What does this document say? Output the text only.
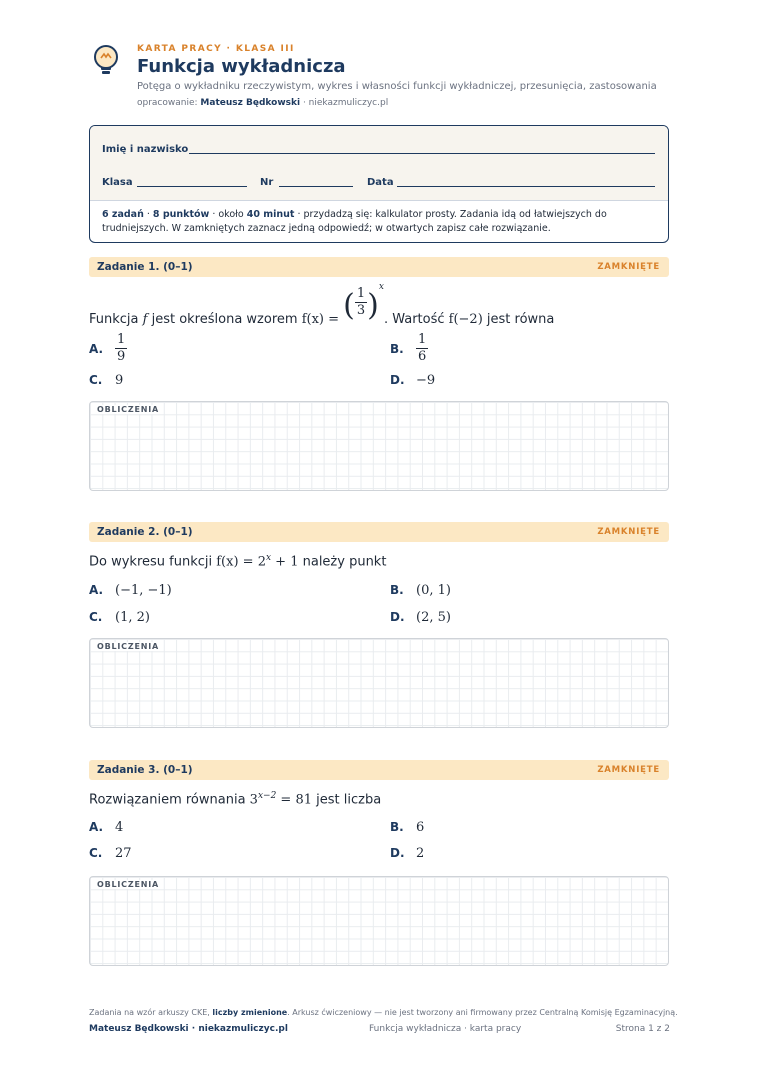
KARTA PRACY · KLASA III
Funkcja wykładnicza
Potęga o wykładniku rzeczywistym, wykres i własności funkcji wykładniczej, przesunięcia, zastosowania
opracowanie: Mateusz Będkowski · niekazmuliczyc.pl
Imię i nazwisko
Klasa	Nr	Data
6 zadań · 8 punktów · około 40 minut · przydadzą się: kalkulator prosty. Zadania idą od łatwiejszych do trudniejszych. W zamkniętych zaznacz jedną odpowiedź; w otwartych zapisz całe rozwiązanie.
Zadanie 1. (0–1)	ZAMKNIĘTE
Funkcja f jest określona wzorem f(x) = ( $\frac{1}{3} )^x$. Wartość f(−2) jest równa
A. $\frac{1}{9}$	B. $\frac{1}{6}$
C. 9	D. −9
OBLICZENIA
Zadanie 2. (0–1)	ZAMKNIĘTE
Do wykresu funkcji $f(x) = 2^x + 1$ należy punkt
A. (−1, −1)	B. (0, 1)
C. (1, 2)	D. (2, 5)
OBLICZENIA
Zadanie 3. (0–1)	ZAMKNIĘTE
Rozwiązaniem równania $3^{x-2} = 81$ jest liczba
A. 4	B. 6
C. 27	D. 2
OBLICZENIA
Zadania na wzór arkuszy CKE, liczby zmienione. Arkusz ćwiczeniowy — nie jest tworzony ani firmowany przez Centralną Komisję Egzaminacyjną.
Mateusz Będkowski · niekazmuliczyc.pl	Funkcja wykładnicza · karta pracy	Strona 1 z 2
